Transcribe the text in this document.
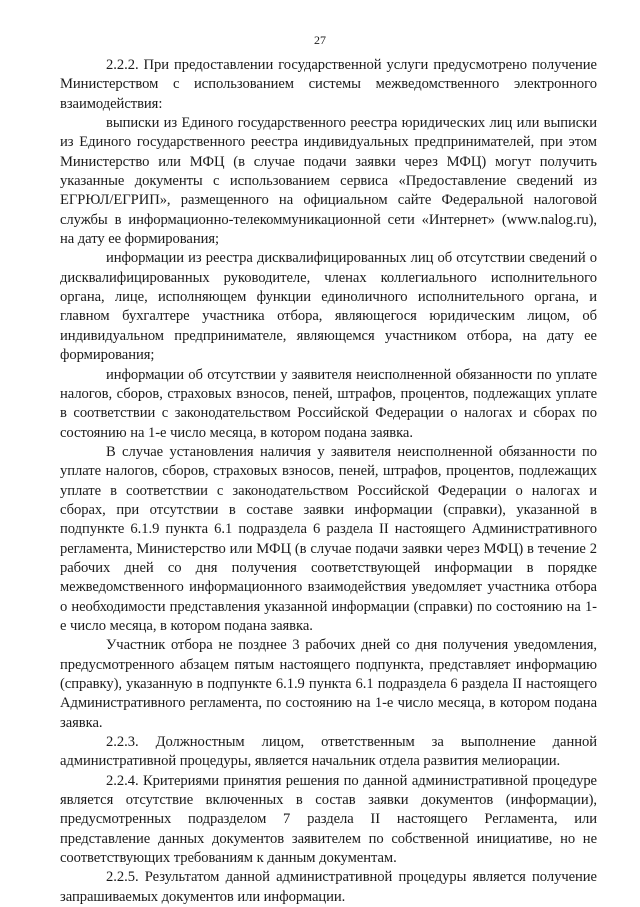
27

2.2.2. При предоставлении государственной услуги предусмотрено получение Министерством с использованием системы межведомственного электронного взаимодействия:

выписки из Единого государственного реестра юридических лиц или выписки из Единого государственного реестра индивидуальных предпринимателей, при этом Министерство или МФЦ (в случае подачи заявки через МФЦ) могут получить указанные документы с использованием сервиса «Предоставление сведений из ЕГРЮЛ/ЕГРИП», размещенного на официальном сайте Федеральной налоговой службы в информационно-телекоммуникационной сети «Интернет» (www.nalog.ru), на дату ее формирования;

информации из реестра дисквалифицированных лиц об отсутствии сведений о дисквалифицированных руководителе, членах коллегиального исполнительного органа, лице, исполняющем функции единоличного исполнительного органа, и главном бухгалтере участника отбора, являющегося юридическим лицом, об индивидуальном предпринимателе, являющемся участником отбора, на дату ее формирования;

информации об отсутствии у заявителя неисполненной обязанности по уплате налогов, сборов, страховых взносов, пеней, штрафов, процентов, подлежащих уплате в соответствии с законодательством Российской Федерации о налогах и сборах по состоянию на 1-е число месяца, в котором подана заявка.

В случае установления наличия у заявителя неисполненной обязанности по уплате налогов, сборов, страховых взносов, пеней, штрафов, процентов, подлежащих уплате в соответствии с законодательством Российской Федерации о налогах и сборах, при отсутствии в составе заявки информации (справки), указанной в подпункте 6.1.9 пункта 6.1 подраздела 6 раздела II настоящего Административного регламента, Министерство или МФЦ (в случае подачи заявки через МФЦ) в течение 2 рабочих дней со дня получения соответствующей информации в порядке межведомственного информационного взаимодействия уведомляет участника отбора о необходимости представления указанной информации (справки) по состоянию на 1-е число месяца, в котором подана заявка.

Участник отбора не позднее 3 рабочих дней со дня получения уведомления, предусмотренного абзацем пятым настоящего подпункта, представляет информацию (справку), указанную в подпункте 6.1.9 пункта 6.1 подраздела 6 раздела II настоящего Административного регламента, по состоянию на 1-е число месяца, в котором подана заявка.

2.2.3. Должностным лицом, ответственным за выполнение данной административной процедуры, является начальник отдела развития мелиорации.

2.2.4. Критериями принятия решения по данной административной процедуре является отсутствие включенных в состав заявки документов (информации), предусмотренных подразделом 7 раздела II настоящего Регламента, или представление данных документов заявителем по собственной инициативе, но не соответствующих требованиям к данным документам.

2.2.5. Результатом данной административной процедуры является получение запрашиваемых документов или информации.
